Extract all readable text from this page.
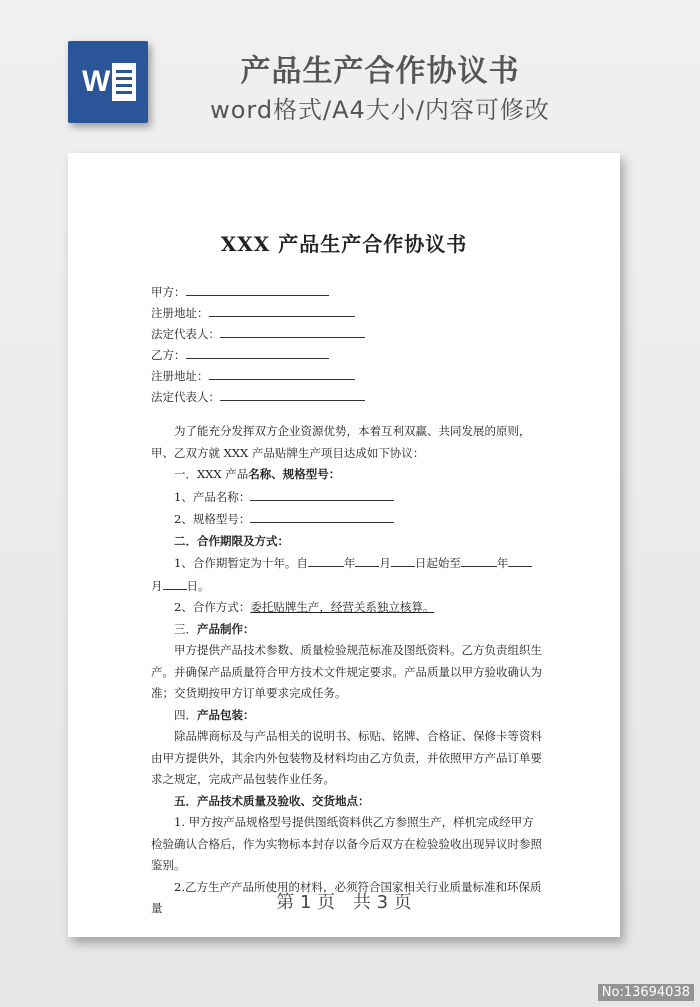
W	产品生产合作协议书
word格式/A4大小/内容可修改
XXX 产品生产合作协议书
甲方：
注册地址：
法定代表人：
乙方：
注册地址：
法定代表人：

为了能充分发挥双方企业资源优势，本着互利双赢、共同发展的原则，甲、乙双方就 XXX 产品贴牌生产项目达成如下协议：

一．XXX 产品名称、规格型号：

1、产品名称：

2、规格型号：

二．合作期限及方式：

1、合作期暂定为十年。自	年 月 日起始至	年
月 日。

2、合作方式：委托贴牌生产，经营关系独立核算。

三．产品制作：

甲方提供产品技术参数、质量检验规范标准及图纸资料。乙方负责组织生产。并确保产品质量符合甲方技术文件规定要求。产品质量以甲方验收确认为准；交货期按甲方订单要求完成任务。

四．产品包装：

除品牌商标及与产品相关的说明书、标贴、铭牌、合格证、保修卡等资料由甲方提供外，其余内外包装物及材料均由乙方负责，并依照甲方产品订单要求之规定，完成产品包装作业任务。

五．产品技术质量及验收、交货地点：

1. 甲方按产品规格型号提供图纸资料供乙方参照生产，样机完成经甲方检验确认合格后，作为实物标本封存以备今后双方在检验验收出现异议时参照鉴别。

2.乙方生产产品所使用的材料，必须符合国家相关行业质量标准和环保质量	第 1 页 共 3 页
No:13694038
